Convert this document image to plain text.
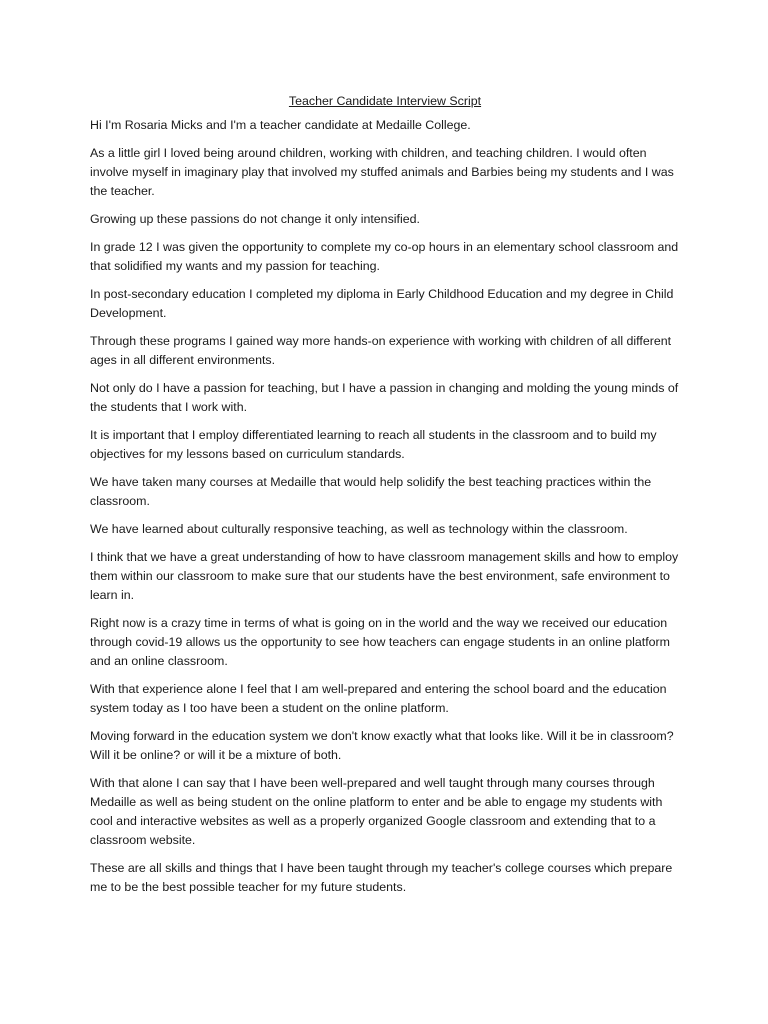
Teacher Candidate Interview Script

Hi I'm Rosaria Micks and I'm a teacher candidate at Medaille College.

As a little girl I loved being around children, working with children, and teaching children. I would often involve myself in imaginary play that involved my stuffed animals and Barbies being my students and I was the teacher.

Growing up these passions do not change it only intensified.

In grade 12 I was given the opportunity to complete my co-op hours in an elementary school classroom and that solidified my wants and my passion for teaching.

In post-secondary education I completed my diploma in Early Childhood Education and my degree in Child Development.

Through these programs I gained way more hands-on experience with working with children of all different ages in all different environments.

Not only do I have a passion for teaching, but I have a passion in changing and molding the young minds of the students that I work with.

It is important that I employ differentiated learning to reach all students in the classroom and to build my objectives for my lessons based on curriculum standards.

We have taken many courses at Medaille that would help solidify the best teaching practices within the classroom.

We have learned about culturally responsive teaching, as well as technology within the classroom.

I think that we have a great understanding of how to have classroom management skills and how to employ them within our classroom to make sure that our students have the best environment, safe environment to learn in.

Right now is a crazy time in terms of what is going on in the world and the way we received our education through covid-19 allows us the opportunity to see how teachers can engage students in an online platform and an online classroom.

With that experience alone I feel that I am well-prepared and entering the school board and the education system today as I too have been a student on the online platform.

Moving forward in the education system we don't know exactly what that looks like. Will it be in classroom? Will it be online? or will it be a mixture of both.

With that alone I can say that I have been well-prepared and well taught through many courses through Medaille as well as being student on the online platform to enter and be able to engage my students with cool and interactive websites as well as a properly organized Google classroom and extending that to a classroom website.

These are all skills and things that I have been taught through my teacher's college courses which prepare me to be the best possible teacher for my future students.
